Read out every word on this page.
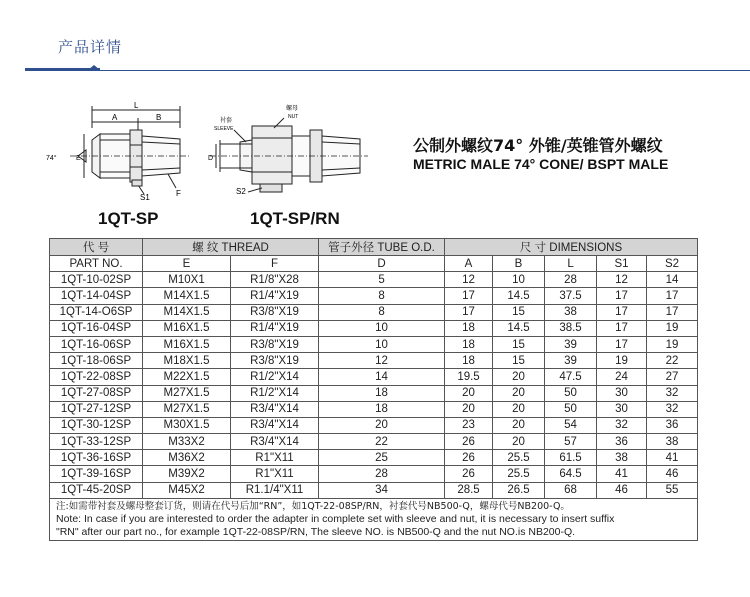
产品详情
L
A	B
E
74°
S1	F
1QT-SP
衬套
SLEEVE
螺母
NUT
D
S2
1QT-SP/RN
公制外螺纹74° 外锥/英锥管外螺纹
METRIC MALE 74° CONE/ BSPT MALE
代 号	螺 纹 THREAD		管子外径 TUBE O.D.	尺 寸 DIMENSIONS				
PART NO.	E	F	D	A	B	L	S1	S2
1QT-10-02SP	M10X1	R1/8"X28	5	12	10	28	12	14
1QT-14-04SP	M14X1.5	R1/4"X19	8	17	14.5	37.5	17	17
1QT-14-O6SP	M14X1.5	R3/8"X19	8	17	15	38	17	17
1QT-16-04SP	M16X1.5	R1/4"X19	10	18	14.5	38.5	17	19
1QT-16-06SP	M16X1.5	R3/8"X19	10	18	15	39	17	19
1QT-18-06SP	M18X1.5	R3/8"X19	12	18	15	39	19	22
1QT-22-08SP	M22X1.5	R1/2"X14	14	19.5	20	47.5	24	27
1QT-27-08SP	M27X1.5	R1/2"X14	18	20	20	50	30	32
1QT-27-12SP	M27X1.5	R3/4"X14	18	20	20	50	30	32
1QT-30-12SP	M30X1.5	R3/4"X14	20	23	20	54	32	36
1QT-33-12SP	M33X2	R3/4"X14	22	26	20	57	36	38
1QT-36-16SP	M36X2	R1"X11	25	26	25.5	61.5	38	41
1QT-39-16SP	M39X2	R1"X11	28	26	25.5	64.5	41	46
1QT-45-20SP	M45X2	R1.1/4"X11	34	28.5	26.5	68	46	55

注:如需带衬套及螺母整套订货，则请在代号后加“RN”，如1QT-22-08SP/RN，衬套代号NB500-Q，螺母代号NB200-Q。
Note: In case if you are interested to order the adapter in complete set with sleeve and nut, it is necessary to insert suffix
"RN" after our part no., for example 1QT-22-08SP/RN, The sleeve NO. is NB500-Q and the nut NO.is NB200-Q.								
